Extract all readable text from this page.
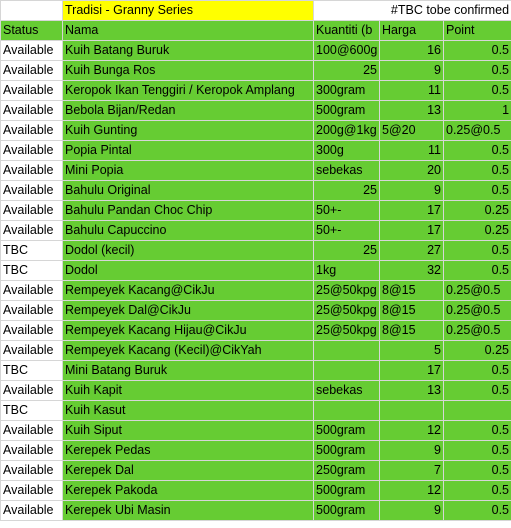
	Tradisi - Granny Series	#TBC tobe confirmed		
Status	Nama	Kuantiti (b	Harga	Point
Available	Kuih Batang Buruk	100@600g	16	0.5
Available	Kuih Bunga Ros	25	9	0.5
Available	Keropok Ikan Tenggiri / Keropok Amplang	300gram	11	0.5
Available	Bebola Bijan/Redan	500gram	13	1
Available	Kuih Gunting	200g@1kg	5@20	0.25@0.5
Available	Popia Pintal	300g	11	0.5
Available	Mini Popia	sebekas	20	0.5
Available	Bahulu Original	25	9	0.5
Available	Bahulu Pandan Choc Chip	50+-	17	0.25
Available	Bahulu Capuccino	50+-	17	0.25
TBC	Dodol (kecil)	25	27	0.5
TBC	Dodol	1kg	32	0.5
Available	Rempeyek Kacang@CikJu	25@50kpg	8@15	0.25@0.5
Available	Rempeyek Dal@CikJu	25@50kpg	8@15	0.25@0.5
Available	Rempeyek Kacang Hijau@CikJu	25@50kpg	8@15	0.25@0.5
Available	Rempeyek Kacang (Kecil)@CikYah		5	0.25
TBC	Mini Batang Buruk		17	0.5
Available	Kuih Kapit	sebekas	13	0.5
TBC	Kuih Kasut			
Available	Kuih Siput	500gram	12	0.5
Available	Kerepek Pedas	500gram	9	0.5
Available	Kerepek Dal	250gram	7	0.5
Available	Kerepek Pakoda	500gram	12	0.5
Available	Kerepek Ubi Masin	500gram	9	0.5
